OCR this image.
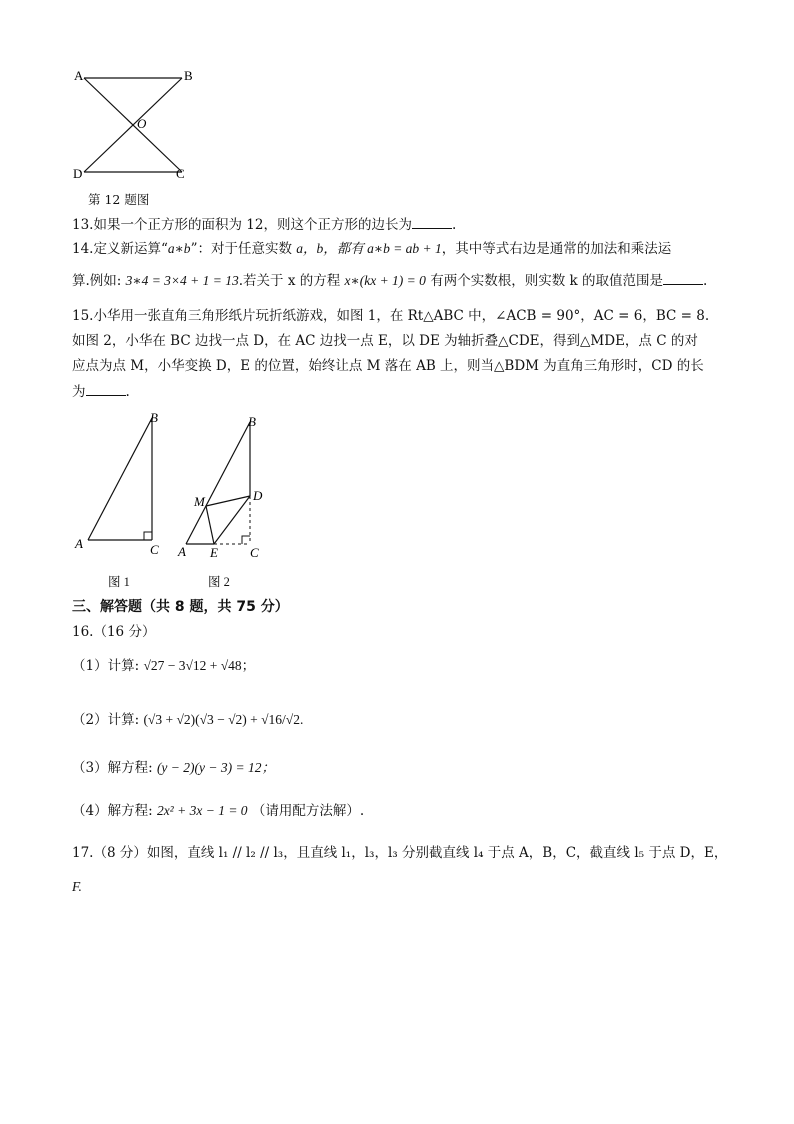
A	B
O
D	C
第 12 题图
13.如果一个正方形的面积为 12，则这个正方形的边长为	.
14.定义新运算“a∗b”：对于任意实数 a，b，都有 a∗b = ab + 1，其中等式右边是通常的加法和乘法运
算.例如: 3∗4 = 3×4 + 1 = 13.若关于 x 的方程 x∗(kx + 1) = 0 有两个实数根，则实数 k 的取值范围是	.
15.小华用一张直角三角形纸片玩折纸游戏，如图 1，在 Rt△ABC 中，∠ACB = 90°，AC = 6，BC = 8.
如图 2，小华在 BC 边找一点 D，在 AC 边找一点 E，以 DE 为轴折叠△CDE，得到△MDE，点 C 的对
应点为点 M，小华变换 D，E 的位置，始终让点 M 落在 AB 上，则当△BDM 为直角三角形时，CD 的长
为	.
A
B
C
图 1
A
B
M	D
E C
图 2
三、解答题（共 8 题，共 75 分）
16.（16 分）
（1）计算: √27 − 3√12 + √48；
（2）计算: (√3 + √2)(√3 − √2) + √16/√2.
（3）解方程: (y − 2)(y − 3) = 12；
（4）解方程: 2x² + 3x − 1 = 0 （请用配方法解）.
17.（8 分）如图，直线 l₁ // l₂ // l₃，且直线 l₁，l₃，l₃ 分别截直线 l₄ 于点 A，B，C，截直线 l₅ 于点 D，E，
F.
